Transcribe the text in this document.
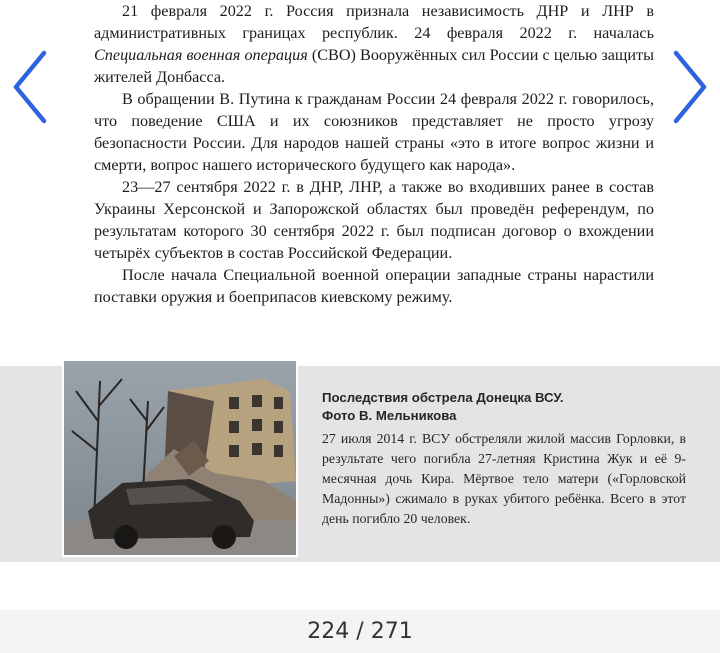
21 февраля 2022 г. Россия признала независимость ДНР и ЛНР в административных границах республик. 24 февраля 2022 г. началась Специальная военная операция (СВО) Вооружённых сил России с целью защиты жителей Донбасса.

В обращении В. Путина к гражданам России 24 февраля 2022 г. говорилось, что поведение США и их союзников представляет не просто угрозу безопасности России. Для народов нашей страны «это в итоге вопрос жизни и смерти, вопрос нашего исторического будущего как народа».

23—27 сентября 2022 г. в ДНР, ЛНР, а также во входивших ранее в состав Украины Херсонской и Запорожской областях был проведён референдум, по результатам которого 30 сентября 2022 г. был подписан договор о вхождении четырёх субъектов в состав Российской Федерации.

После начала Специальной военной операции западные страны нарастили поставки оружия и боеприпасов киевскому режиму.

Последствия обстрела Донецка ВСУ.
Фото В. Мельникова
27 июля 2014 г. ВСУ обстреляли жилой массив Горловки, в результате чего погибла 27-летняя Кристина Жук и её 9-месячная дочь Кира. Мёртвое тело матери («Горловской Мадонны») сжимало в руках убитого ребёнка. Всего в этот день погибло 20 человек.
224 / 271
